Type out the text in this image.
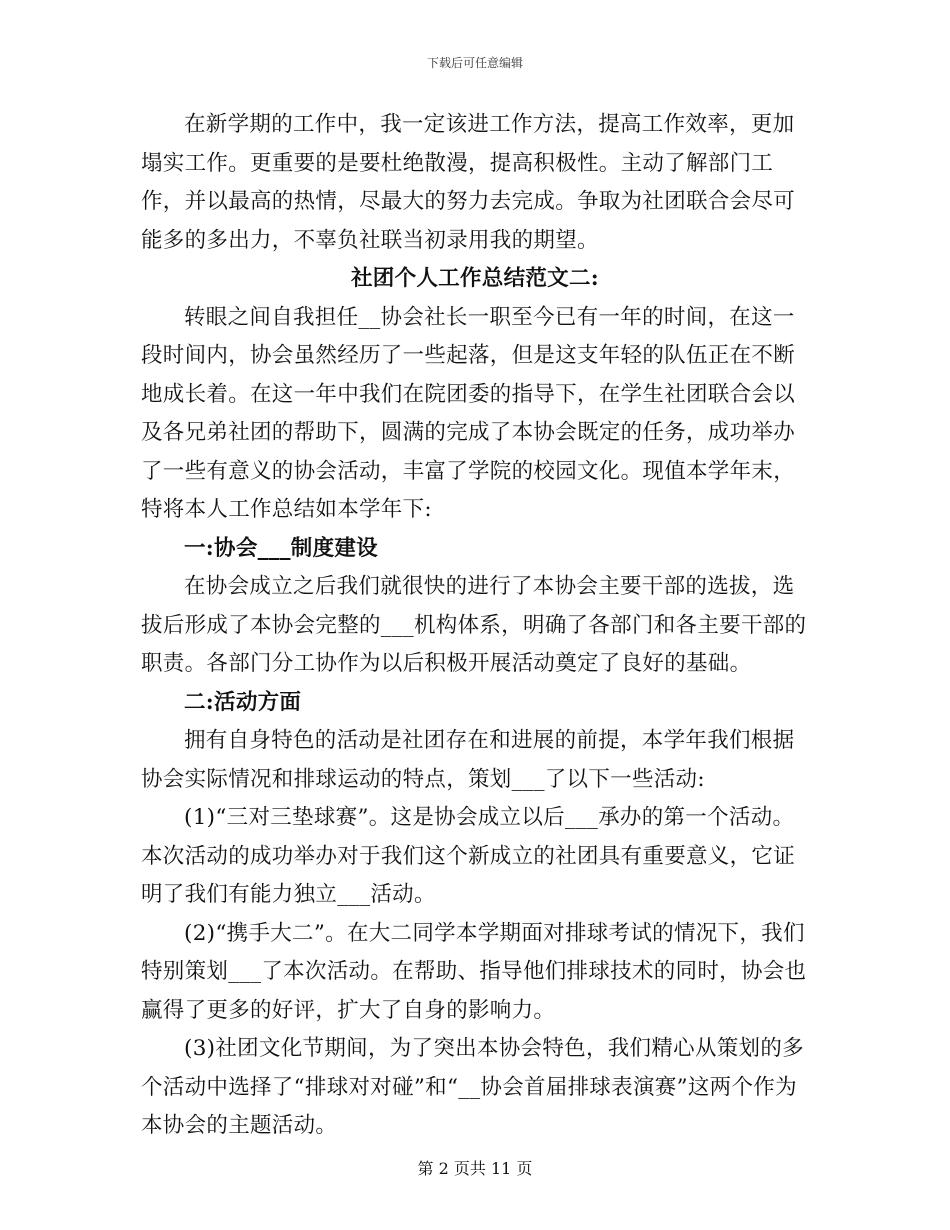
下载后可任意编辑

在新学期的工作中，我一定该进工作方法，提高工作效率，更加塌实工作。更重要的是要杜绝散漫，提高积极性。主动了解部门工作，并以最高的热情，尽最大的努力去完成。争取为社团联合会尽可能多的多出力，不辜负社联当初录用我的期望。

社团个人工作总结范文二:

转眼之间自我担任__协会社长一职至今已有一年的时间，在这一段时间内，协会虽然经历了一些起落，但是这支年轻的队伍正在不断地成长着。在这一年中我们在院团委的指导下，在学生社团联合会以及各兄弟社团的帮助下，圆满的完成了本协会既定的任务，成功举办了一些有意义的协会活动，丰富了学院的校园文化。现值本学年末，特将本人工作总结如本学年下:

一:协会___制度建设

在协会成立之后我们就很快的进行了本协会主要干部的选拔，选拔后形成了本协会完整的___机构体系，明确了各部门和各主要干部的职责。各部门分工协作为以后积极开展活动奠定了良好的基础。

二:活动方面

拥有自身特色的活动是社团存在和进展的前提，本学年我们根据协会实际情况和排球运动的特点，策划___了以下一些活动:

(1)“三对三垫球赛”。这是协会成立以后___承办的第一个活动。本次活动的成功举办对于我们这个新成立的社团具有重要意义，它证明了我们有能力独立___活动。

(2)“携手大二”。在大二同学本学期面对排球考试的情况下，我们特别策划___了本次活动。在帮助、指导他们排球技术的同时，协会也赢得了更多的好评，扩大了自身的影响力。

(3)社团文化节期间，为了突出本协会特色，我们精心从策划的多个活动中选择了“排球对对碰”和“__协会首届排球表演赛”这两个作为本协会的主题活动。

第 2 页共 11 页
